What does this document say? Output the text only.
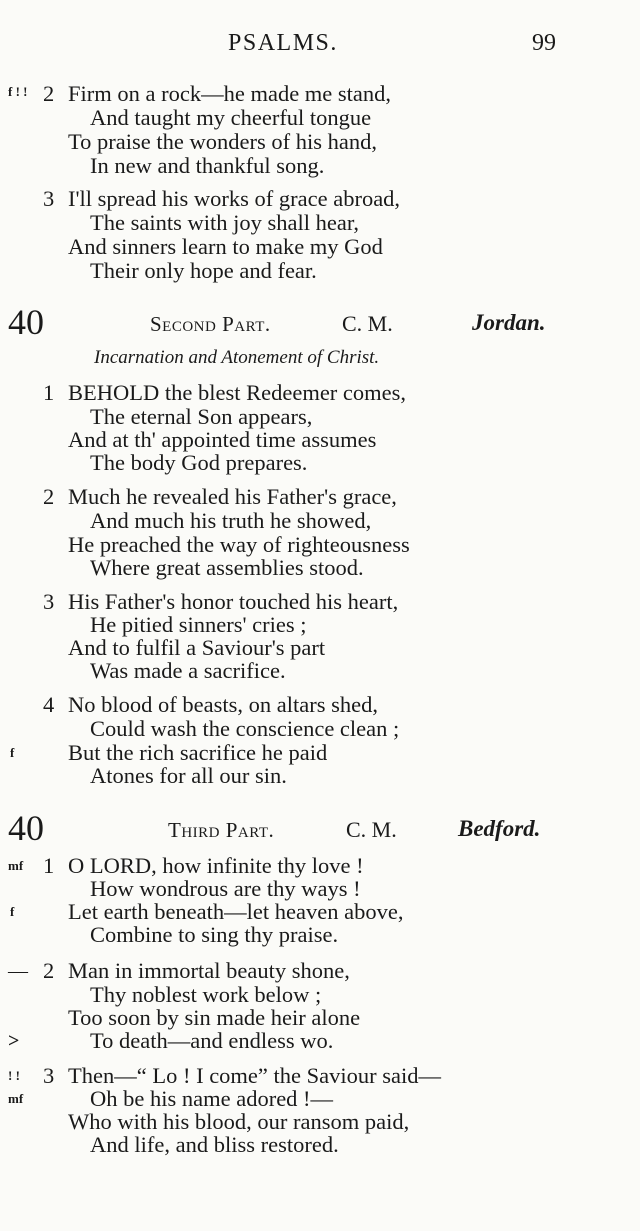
PSALMS.	99
f ! ! 2 Firm on a rock—he made me stand,
And taught my cheerful tongue
To praise the wonders of his hand,
In new and thankful song.
3 I'll spread his works of grace abroad,
The saints with joy shall hear,
And sinners learn to make my God
Their only hope and fear.
40	Second Part.	C. M.	Jordan.
Incarnation and Atonement of Christ.
1 BEHOLD the blest Redeemer comes,
The eternal Son appears,
And at th' appointed time assumes
The body God prepares.
2 Much he revealed his Father's grace,
And much his truth he showed,
He preached the way of righteousness
Where great assemblies stood.
3 His Father's honor touched his heart,
He pitied sinners' cries ;
And to fulfil a Saviour's part
Was made a sacrifice.
4 No blood of beasts, on altars shed,
Could wash the conscience clean ;
f But the rich sacrifice he paid
Atones for all our sin.
40	Third Part.	C. M.	Bedford.
mf 1 O LORD, how infinite thy love !
How wondrous are thy ways !
f Let earth beneath—let heaven above,
Combine to sing thy praise.
— 2 Man in immortal beauty shone,
Thy noblest work below ;
Too soon by sin made heir alone
>	To death—and endless wo.
! ! 3 Then—“ Lo ! I come” the Saviour said—
mf	Oh be his name adored !—
Who with his blood, our ransom paid,
And life, and bliss restored.
